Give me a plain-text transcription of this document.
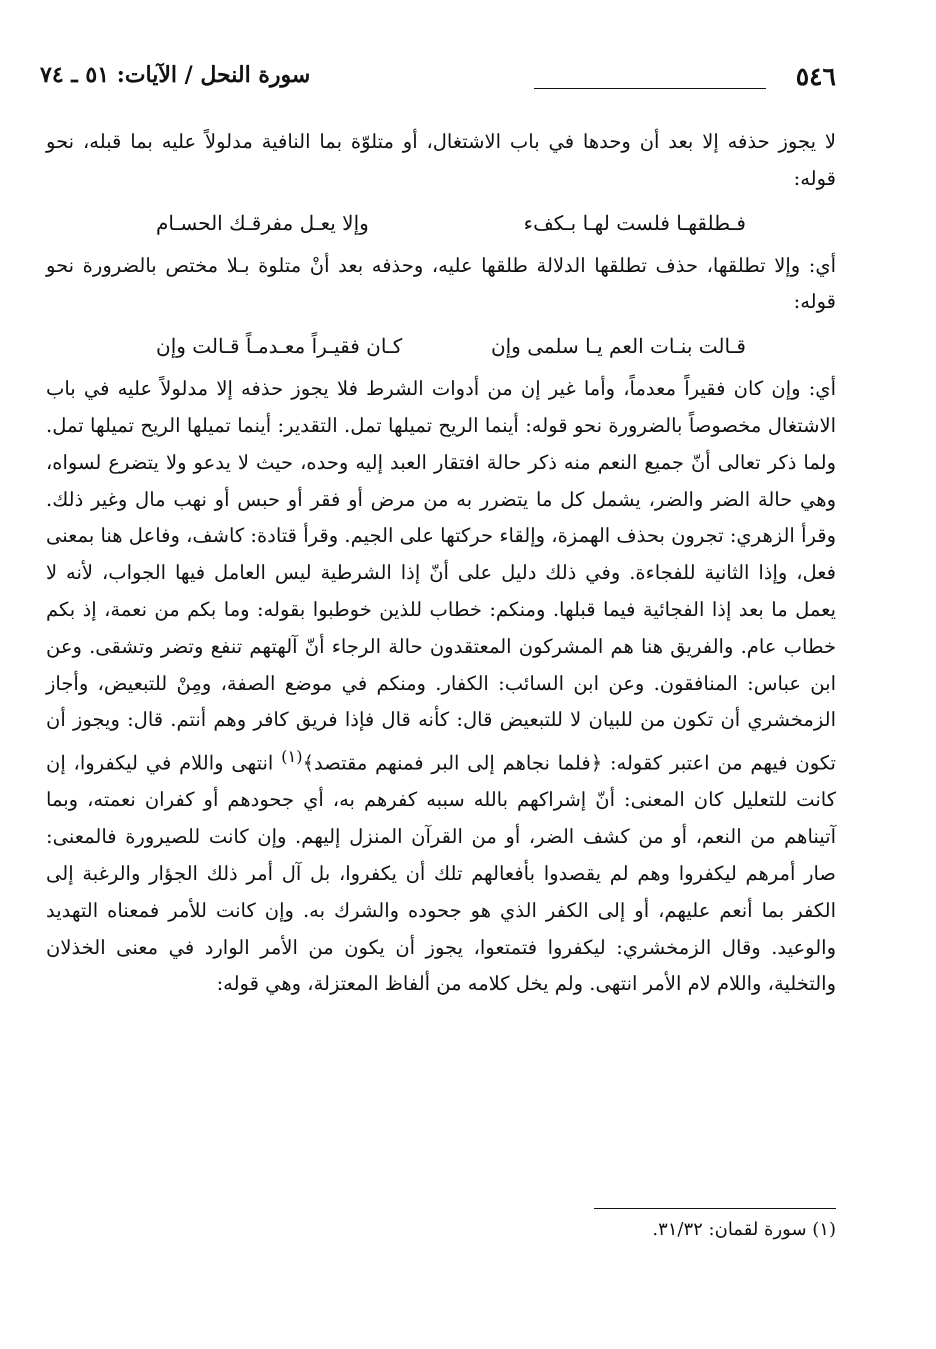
٥٤٦
سورة النحل / الآيات: ٥١ ـ ٧٤

لا يجوز حذفه إلا بعد أن وحدها في باب الاشتغال، أو متلوّة بما النافية مدلولاً عليه بما قبله، نحو قوله:

فـطلقهـا فلست لهـا بـكفء
وإلا يعـل مفرقـك الحسـام

أي: وإلا تطلقها، حذف تطلقها الدلالة طلقها عليه، وحذفه بعد أنْ متلوة بـلا مختص بالضرورة نحو قوله:

قـالت بنـات العم يـا سلمى وإن
كـان فقيـراً معـدمـاً قـالت وإن

أي: وإن كان فقيراً معدماً، وأما غير إن من أدوات الشرط فلا يجوز حذفه إلا مدلولاً عليه في باب الاشتغال مخصوصاً بالضرورة نحو قوله: أينما الريح تميلها تمل. التقدير: أينما تميلها الريح تميلها تمل. ولما ذكر تعالى أنّ جميع النعم منه ذكر حالة افتقار العبد إليه وحده، حيث لا يدعو ولا يتضرع لسواه، وهي حالة الضر والضر، يشمل كل ما يتضرر به من مرض أو فقر أو حبس أو نهب مال وغير ذلك. وقرأ الزهري: تجرون بحذف الهمزة، وإلقاء حركتها على الجيم. وقرأ قتادة: كاشف، وفاعل هنا بمعنى فعل، وإذا الثانية للفجاءة. وفي ذلك دليل على أنّ إذا الشرطية ليس العامل فيها الجواب، لأنه لا يعمل ما بعد إذا الفجائية فيما قبلها. ومنكم: خطاب للذين خوطبوا بقوله: وما بكم من نعمة، إذ بكم خطاب عام. والفريق هنا هم المشركون المعتقدون حالة الرجاء أنّ آلهتهم تنفع وتضر وتشقى. وعن ابن عباس: المنافقون. وعن ابن السائب: الكفار. ومنكم في موضع الصفة، ومِنْ للتبعيض، وأجاز الزمخشري أن تكون من للبيان لا للتبعيض قال: كأنه قال فإذا فريق كافر وهم أنتم. قال: ويجوز أن تكون فيهم من اعتبر كقوله: ﴿فلما نجاهم إلى البر فمنهم مقتصد﴾$^{(١)}$ انتهى واللام في ليكفروا، إن كانت للتعليل كان المعنى: أنّ إشراكهم بالله سببه كفرهم به، أي جحودهم أو كفران نعمته، وبما آتيناهم من النعم، أو من كشف الضر، أو من القرآن المنزل إليهم. وإن كانت للصيرورة فالمعنى: صار أمرهم ليكفروا وهم لم يقصدوا بأفعالهم تلك أن يكفروا، بل آل أمر ذلك الجؤار والرغبة إلى الكفر بما أنعم عليهم، أو إلى الكفر الذي هو جحوده والشرك به. وإن كانت للأمر فمعناه التهديد والوعيد. وقال الزمخشري: ليكفروا فتمتعوا، يجوز أن يكون من الأمر الوارد في معنى الخذلان والتخلية، واللام لام الأمر انتهى. ولم يخل كلامه من ألفاظ المعتزلة، وهي قوله:

(١) سورة لقمان: ٣١/٣٢.
